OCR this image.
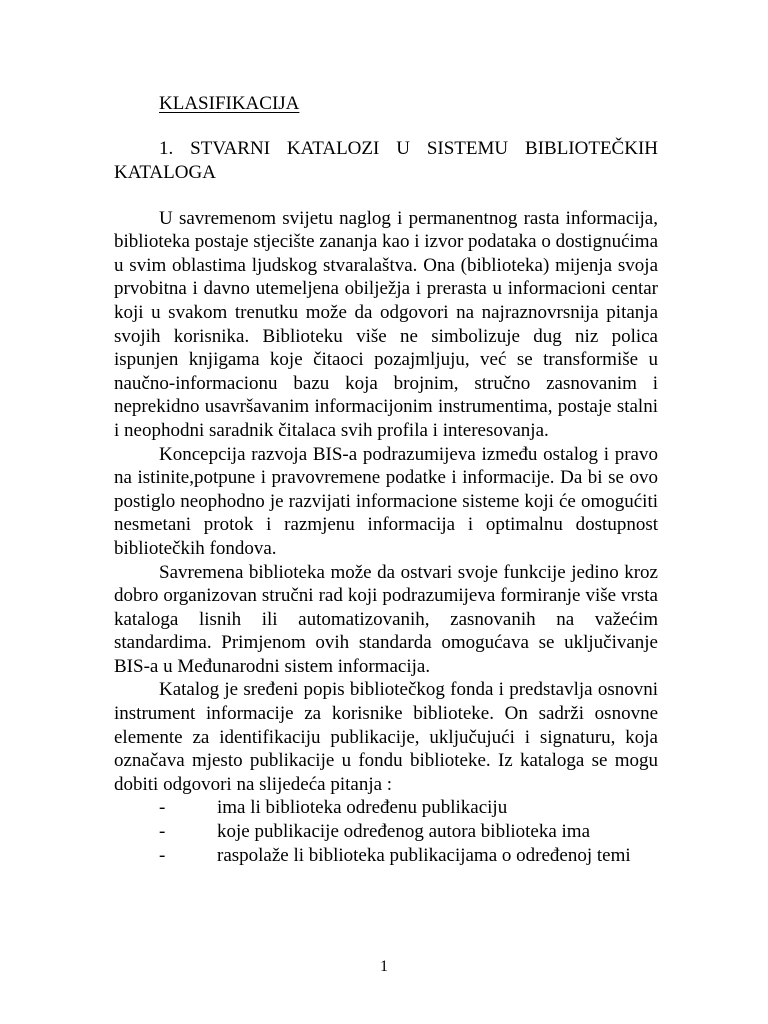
KLASIFIKACIJA
1. STVARNI KATALOZI U SISTEMU BIBLIOTEČKIH KATALOGA

U savremenom svijetu naglog i permanentnog rasta informacija, biblioteka postaje stjecište zananja kao i izvor podataka o dostignućima u svim oblastima ljudskog stvaralaštva. Ona (biblioteka) mijenja svoja prvobitna i davno utemeljena obilježja i prerasta u informacioni centar koji u svakom trenutku može da odgovori na najraznovrsnija pitanja svojih korisnika. Biblioteku više ne simbolizuje dug niz polica ispunjen knjigama koje čitaoci pozajmljuju, već se transformiše u naučno-informacionu bazu koja brojnim, stručno zasnovanim i neprekidno usavršavanim informacijonim instrumentima, postaje stalni i neophodni saradnik čitalaca svih profila i interesovanja.

Koncepcija razvoja BIS-a podrazumijeva između ostalog i pravo na istinite,potpune i pravovremene podatke i informacije. Da bi se ovo postiglo neophodno je razvijati informacione sisteme koji će omogućiti nesmetani protok i razmjenu informacija i optimalnu dostupnost bibliotečkih fondova.

Savremena biblioteka može da ostvari svoje funkcije jedino kroz dobro organizovan stručni rad koji podrazumijeva formiranje više vrsta kataloga lisnih ili automatizovanih, zasnovanih na važećim standardima. Primjenom ovih standarda omogućava se uključivanje BIS-a u Međunarodni sistem informacija.

Katalog je sređeni popis bibliotečkog fonda i predstavlja osnovni instrument informacije za korisnike biblioteke. On sadrži osnovne elemente za identifikaciju publikacije, uključujući i signaturu, koja označava mjesto publikacije u fondu biblioteke. Iz kataloga se mogu dobiti odgovori na slijedeća pitanja :

-	ima li biblioteka određenu publikaciju
-	koje publikacije određenog autora biblioteka ima
-	raspolaže li biblioteka publikacijama o određenoj temi
1
